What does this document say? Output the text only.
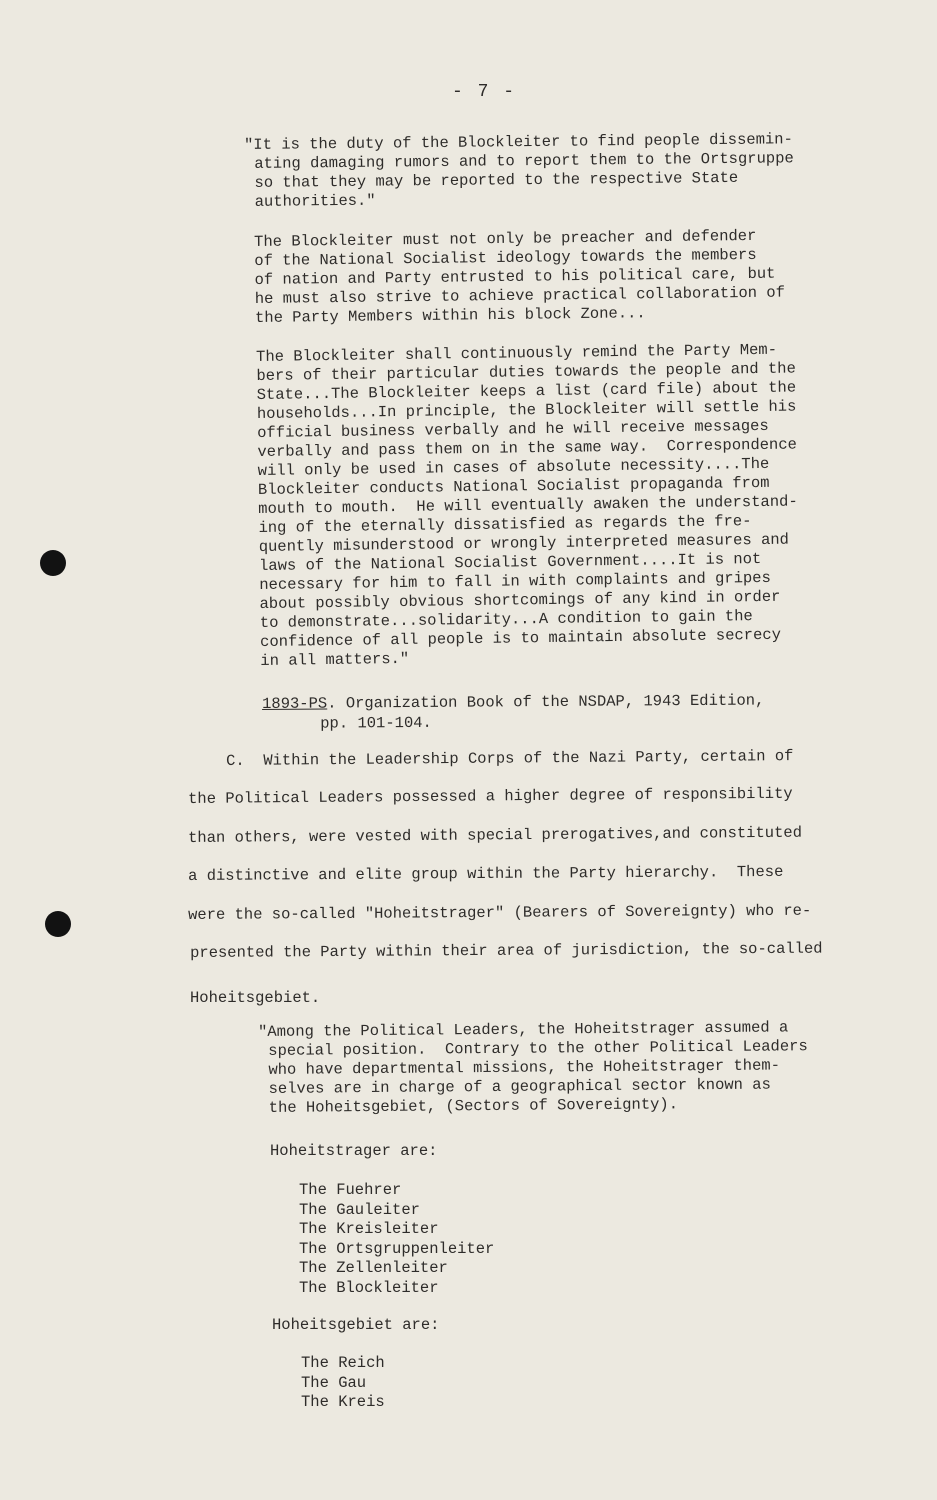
- 7 -
"It is the duty of the Blockleiter to find people dissemin-
ating damaging rumors and to report them to the Ortsgruppe
so that they may be reported to the respective State
authorities."
The Blockleiter must not only be preacher and defender
of the National Socialist ideology towards the members
of nation and Party entrusted to his political care, but
he must also strive to achieve practical collaboration of
the Party Members within his block Zone...
The Blockleiter shall continuously remind the Party Mem-
bers of their particular duties towards the people and the
State...The Blockleiter keeps a list (card file) about the
households...In principle, the Blockleiter will settle his
official business verbally and he will receive messages
verbally and pass them on in the same way.  Correspondence
will only be used in cases of absolute necessity....The
Blockleiter conducts National Socialist propaganda from
mouth to mouth.  He will eventually awaken the understand-
ing of the eternally dissatisfied as regards the fre-
quently misunderstood or wrongly interpreted measures and
laws of the National Socialist Government....It is not
necessary for him to fall in with complaints and gripes
about possibly obvious shortcomings of any kind in order
to demonstrate...solidarity...A condition to gain the
confidence of all people is to maintain absolute secrecy
in all matters."
1893-PS. Organization Book of the NSDAP, 1943 Edition,
pp. 101-104.
C.  Within the Leadership Corps of the Nazi Party, certain of
the Political Leaders possessed a higher degree of responsibility
than others, were vested with special prerogatives,and constituted
a distinctive and elite group within the Party hierarchy.  These
were the so-called "Hoheitstrager" (Bearers of Sovereignty) who re-
presented the Party within their area of jurisdiction, the so-called
Hoheitsgebiet.
"Among the Political Leaders, the Hoheitstrager assumed a
special position.  Contrary to the other Political Leaders
who have departmental missions, the Hoheitstrager them-
selves are in charge of a geographical sector known as
the Hoheitsgebiet, (Sectors of Sovereignty).
Hoheitstrager are:
The Fuehrer
The Gauleiter
The Kreisleiter
The Ortsgruppenleiter
The Zellenleiter
The Blockleiter
Hoheitsgebiet are:
The Reich
The Gau
The Kreis
